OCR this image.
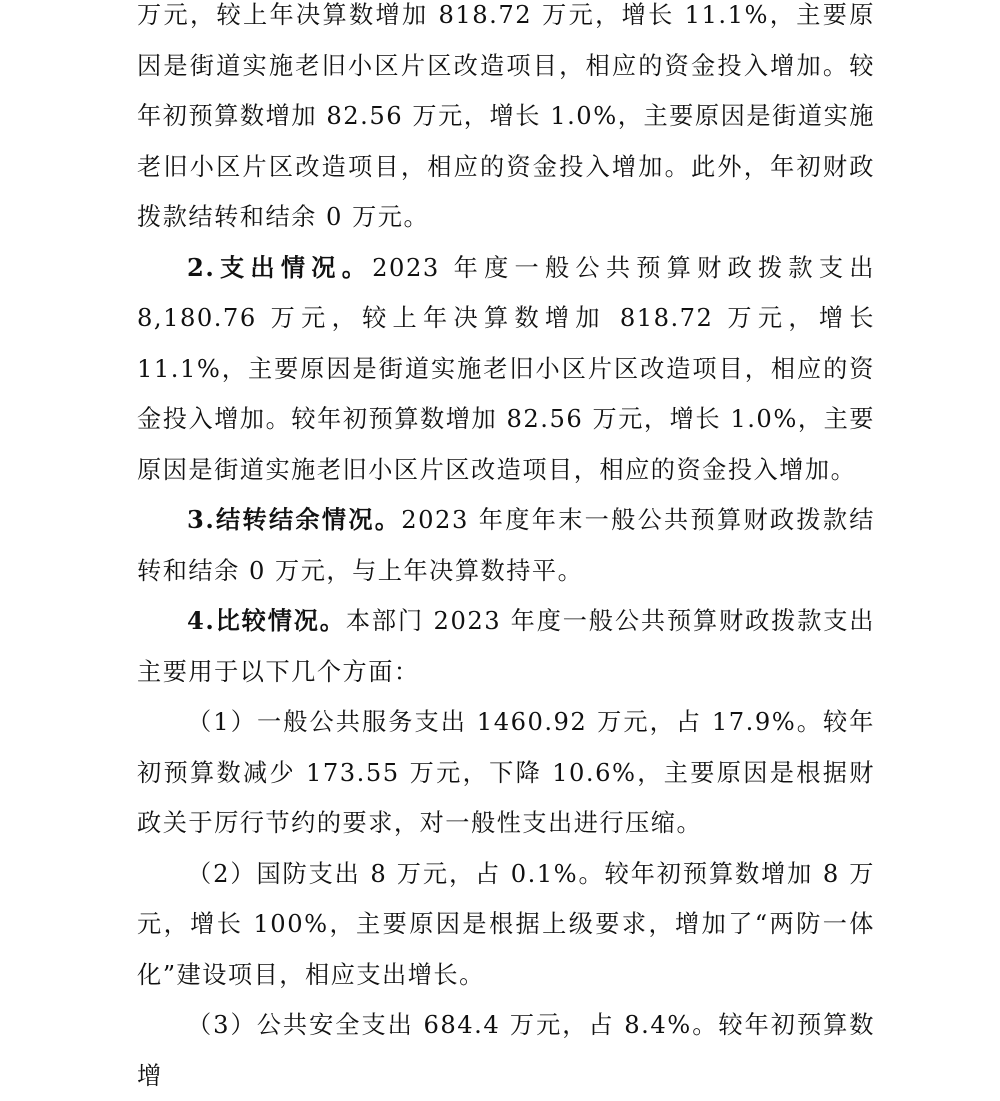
万元，较上年决算数增加 818.72 万元，增长 11.1%，主要原因是街道实施老旧小区片区改造项目，相应的资金投入增加。较年初预算数增加 82.56 万元，增长 1.0%，主要原因是街道实施老旧小区片区改造项目，相应的资金投入增加。此外，年初财政拨款结转和结余 0 万元。

2.支出情况。2023 年度一般公共预算财政拨款支出 8,180.76 万元，较上年决算数增加 818.72 万元，增长 11.1%，主要原因是街道实施老旧小区片区改造项目，相应的资金投入增加。较年初预算数增加 82.56 万元，增长 1.0%，主要原因是街道实施老旧小区片区改造项目，相应的资金投入增加。

3.结转结余情况。2023 年度年末一般公共预算财政拨款结转和结余 0 万元，与上年决算数持平。

4.比较情况。本部门 2023 年度一般公共预算财政拨款支出主要用于以下几个方面：

（1）一般公共服务支出 1460.92 万元，占 17.9%。较年初预算数减少 173.55 万元，下降 10.6%，主要原因是根据财政关于厉行节约的要求，对一般性支出进行压缩。

（2）国防支出 8 万元，占 0.1%。较年初预算数增加 8 万元，增长 100%，主要原因是根据上级要求，增加了“两防一体化”建设项目，相应支出增长。

（3）公共安全支出 684.4 万元，占 8.4%。较年初预算数增
